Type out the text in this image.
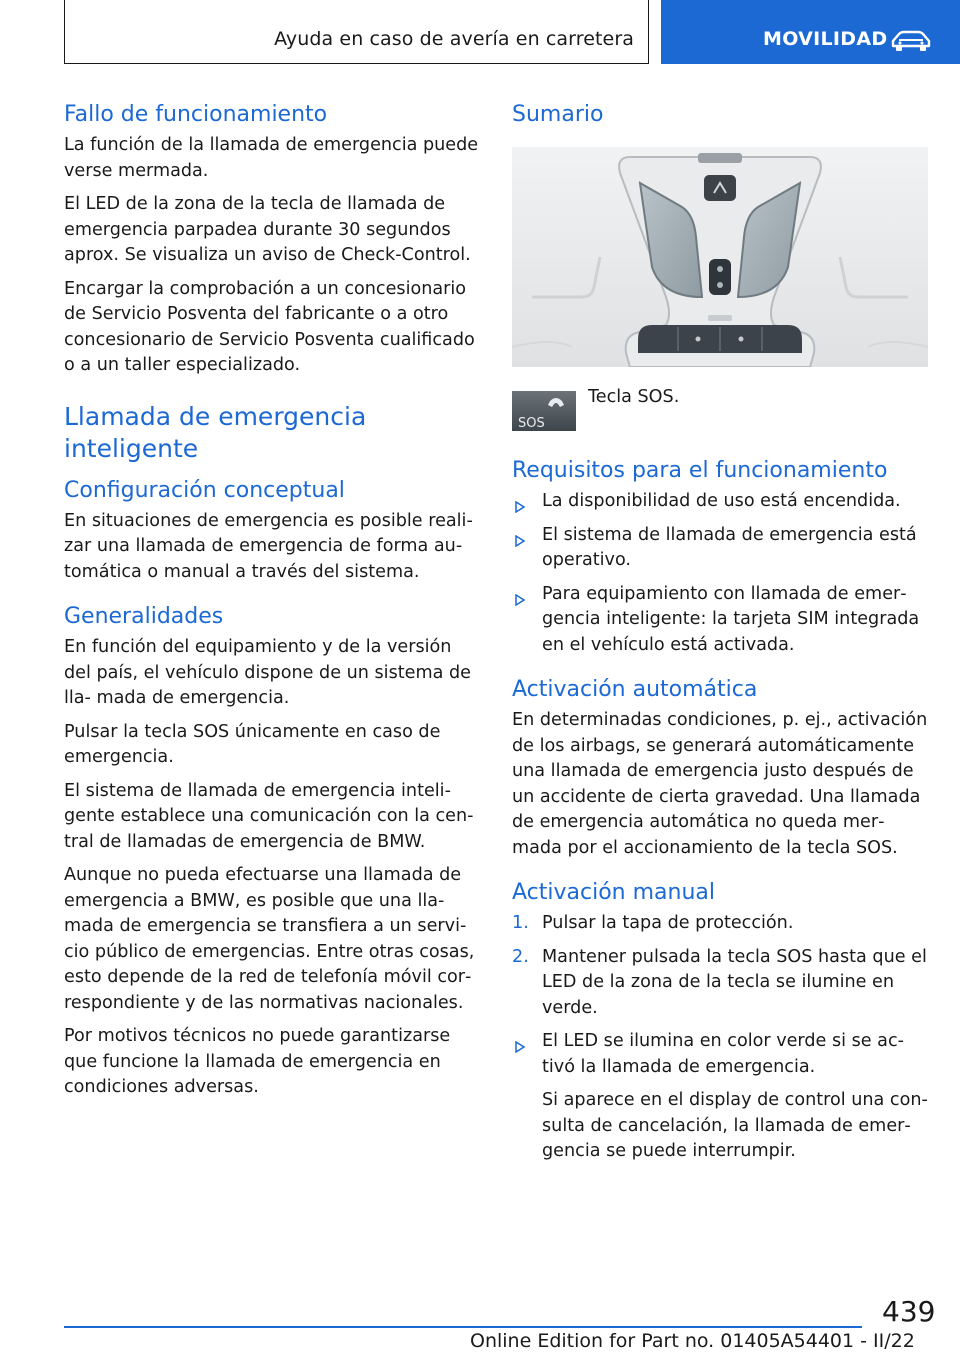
Ayuda en caso de avería en carretera	MOVILIDAD
Fallo de funcionamiento

La función de la llamada de emergencia puede verse mermada.

El LED de la zona de la tecla de llamada de emergencia parpadea durante 30 segundos aprox. Se visualiza un aviso de Check-Control.

Encargar la comprobación a un concesionario de Servicio Posventa del fabricante o a otro concesionario de Servicio Posventa cualificado o a un taller especializado.

Llamada de emergencia inteligente
Configuración conceptual

En situaciones de emergencia es posible reali‐ zar una llamada de emergencia de forma au‐ tomática o manual a través del sistema.

Generalidades

En función del equipamiento y de la versión del país, el vehículo dispone de un sistema de lla‐ mada de emergencia.

Pulsar la tecla SOS únicamente en caso de emergencia.

El sistema de llamada de emergencia inteli‐ gente establece una comunicación con la cen‐ tral de llamadas de emergencia de BMW.

Aunque no pueda efectuarse una llamada de emergencia a BMW, es posible que una lla‐ mada de emergencia se transfiera a un servi‐ cio público de emergencias. Entre otras cosas, esto depende de la red de telefonía móvil cor‐ respondiente y de las normativas nacionales.

Por motivos técnicos no puede garantizarse que funcione la llamada de emergencia en condiciones adversas.

Sumario
SOS
Tecla SOS.
Requisitos para el funcionamiento
La disponibilidad de uso está encendida.
El sistema de llamada de emergencia está operativo.
Para equipamiento con llamada de emer‐ gencia inteligente: la tarjeta SIM integrada en el vehículo está activada.
Activación automática

En determinadas condiciones, p. ej., activación de los airbags, se generará automáticamente una llamada de emergencia justo después de un accidente de cierta gravedad. Una llamada de emergencia automática no queda mer‐ mada por el accionamiento de la tecla SOS.

Activación manual
1. Pulsar la tapa de protección.
2. Mantener pulsada la tecla SOS hasta que el LED de la zona de la tecla se ilumine en verde.
El LED se ilumina en color verde si se ac‐ tivó la llamada de emergencia.

Si aparece en el display de control una con‐ sulta de cancelación, la llamada de emer‐ gencia se puede interrumpir.

439
Online Edition for Part no. 01405A54401 - II/22
